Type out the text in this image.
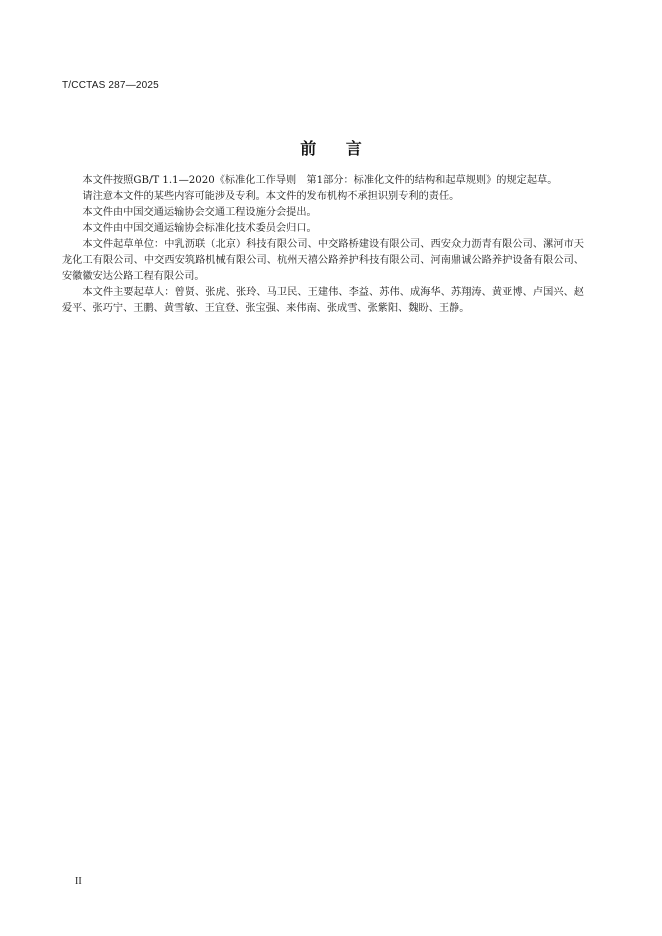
T/CCTAS 287—2025
前 言

本文件按照GB/T 1.1—2020《标准化工作导则　第1部分：标准化文件的结构和起草规则》的规定起草。

请注意本文件的某些内容可能涉及专利。本文件的发布机构不承担识别专利的责任。

本文件由中国交通运输协会交通工程设施分会提出。

本文件由中国交通运输协会标准化技术委员会归口。

本文件起草单位：中乳沥联（北京）科技有限公司、中交路桥建设有限公司、西安众力沥青有限公司、漯河市天龙化工有限公司、中交西安筑路机械有限公司、杭州天禧公路养护科技有限公司、河南鼎诚公路养护设备有限公司、安徽徽安达公路工程有限公司。

本文件主要起草人：曾贤、张虎、张玲、马卫民、王建伟、李益、苏伟、成海华、苏翔涛、黄亚博、卢国兴、赵爱平、张巧宁、王鹏、黄雪敏、王宜登、张宝强、来伟南、张成雪、张紫阳、魏盼、王静。

II
